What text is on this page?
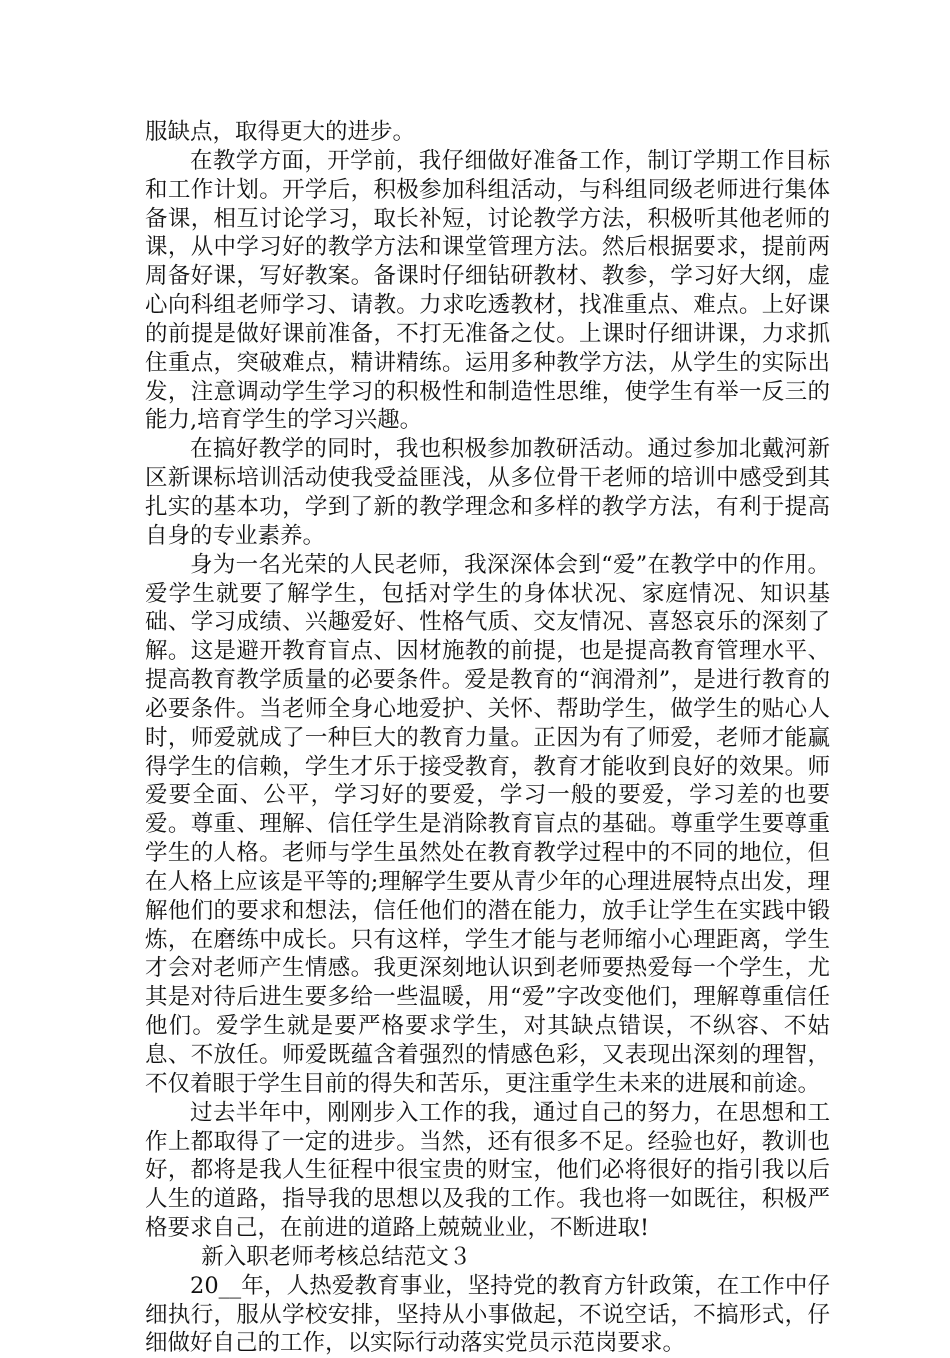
服缺点，取得更大的进步。

在教学方面，开学前，我仔细做好准备工作，制订学期工作目标和工作计划。开学后，积极参加科组活动，与科组同级老师进行集体备课，相互讨论学习，取长补短，讨论教学方法，积极听其他老师的课，从中学习好的教学方法和课堂管理方法。然后根据要求，提前两周备好课，写好教案。备课时仔细钻研教材、教参，学习好大纲，虚心向科组老师学习、请教。力求吃透教材，找准重点、难点。上好课的前提是做好课前准备，不打无准备之仗。上课时仔细讲课，力求抓住重点，突破难点，精讲精练。运用多种教学方法，从学生的实际出发，注意调动学生学习的积极性和制造性思维，使学生有举一反三的能力,培育学生的学习兴趣。

在搞好教学的同时，我也积极参加教研活动。通过参加北戴河新区新课标培训活动使我受益匪浅，从多位骨干老师的培训中感受到其扎实的基本功，学到了新的教学理念和多样的教学方法，有利于提高自身的专业素养。

身为一名光荣的人民老师，我深深体会到“爱”在教学中的作用。爱学生就要了解学生，包括对学生的身体状况、家庭情况、知识基础、学习成绩、兴趣爱好、性格气质、交友情况、喜怒哀乐的深刻了解。这是避开教育盲点、因材施教的前提，也是提高教育管理水平、提高教育教学质量的必要条件。爱是教育的“润滑剂”，是进行教育的必要条件。当老师全身心地爱护、关怀、帮助学生，做学生的贴心人时，师爱就成了一种巨大的教育力量。正因为有了师爱，老师才能赢得学生的信赖，学生才乐于接受教育，教育才能收到良好的效果。师爱要全面、公平，学习好的要爱，学习一般的要爱，学习差的也要爱。尊重、理解、信任学生是消除教育盲点的基础。尊重学生要尊重学生的人格。老师与学生虽然处在教育教学过程中的不同的地位，但在人格上应该是平等的;理解学生要从青少年的心理进展特点出发，理解他们的要求和想法，信任他们的潜在能力，放手让学生在实践中锻炼，在磨练中成长。只有这样，学生才能与老师缩小心理距离，学生才会对老师产生情感。我更深刻地认识到老师要热爱每一个学生，尤其是对待后进生要多给一些温暖，用“爱”字改变他们，理解尊重信任他们。爱学生就是要严格要求学生，对其缺点错误，不纵容、不姑息、不放任。师爱既蕴含着强烈的情感色彩，又表现出深刻的理智，不仅着眼于学生目前的得失和苦乐，更注重学生未来的进展和前途。

过去半年中，刚刚步入工作的我，通过自己的努力，在思想和工作上都取得了一定的进步。当然，还有很多不足。经验也好，教训也好，都将是我人生征程中很宝贵的财宝，他们必将很好的指引我以后人生的道路，指导我的思想以及我的工作。我也将一如既往，积极严格要求自己，在前进的道路上兢兢业业，不断进取!

新入职老师考核总结范文３

20__年，人热爱教育事业，坚持党的教育方针政策，在工作中仔细执行，服从学校安排，坚持从小事做起，不说空话，不搞形式，仔细做好自己的工作，以实际行动落实党员示范岗要求。
